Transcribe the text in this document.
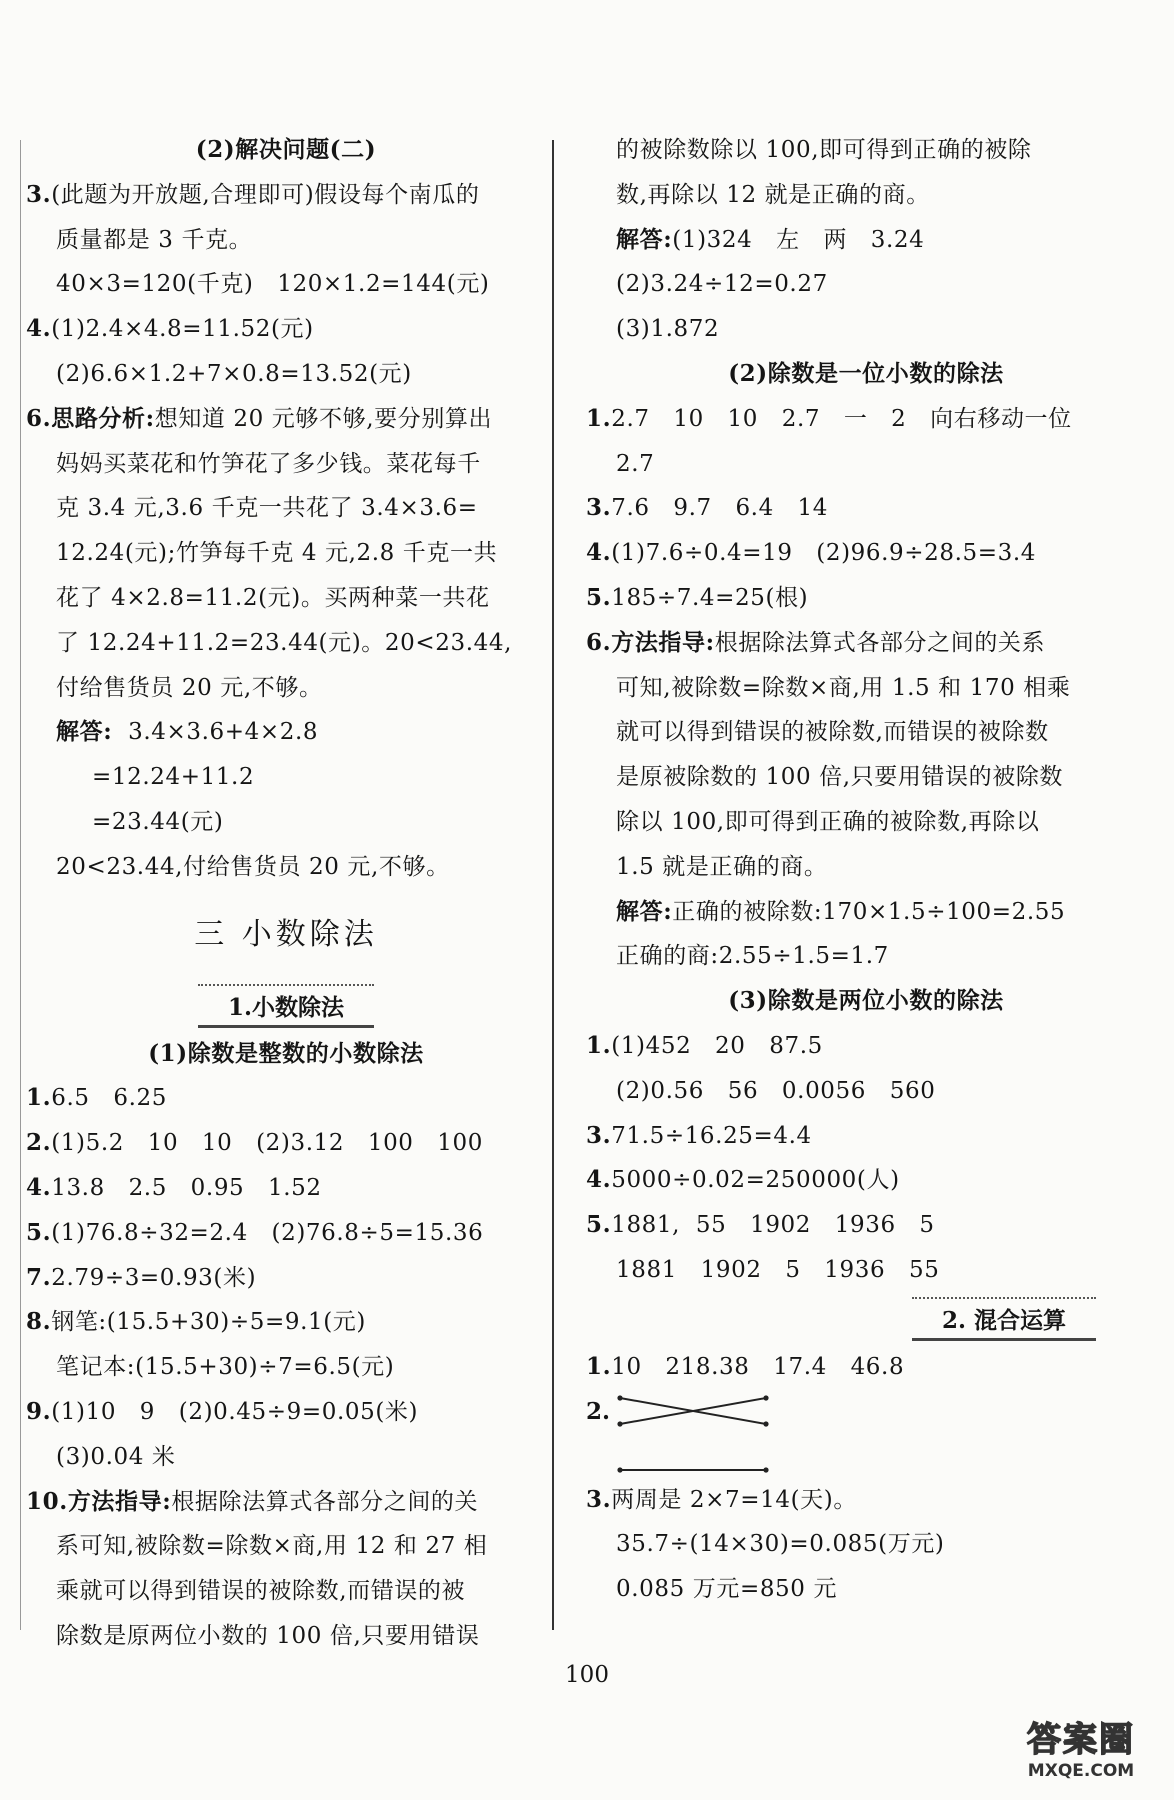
(2)解决问题(二)
3.(此题为开放题,合理即可)假设每个南瓜的
质量都是 3 千克。
40×3=120(千克)   120×1.2=144(元)
4.(1)2.4×4.8=11.52(元)
(2)6.6×1.2+7×0.8=13.52(元)
6.思路分析:想知道 20 元够不够,要分别算出
妈妈买菜花和竹笋花了多少钱。菜花每千
克 3.4 元,3.6 千克一共花了 3.4×3.6=
12.24(元);竹笋每千克 4 元,2.8 千克一共
花了 4×2.8=11.2(元)。买两种菜一共花
了 12.24+11.2=23.44(元)。20<23.44,
付给售货员 20 元,不够。
解答:  3.4×3.6+4×2.8
=12.24+11.2
=23.44(元)
20<23.44,付给售货员 20 元,不够。
三 小数除法
1.小数除法
(1)除数是整数的小数除法
1.6.5   6.25
2.(1)5.2   10   10   (2)3.12   100   100
4.13.8   2.5   0.95   1.52
5.(1)76.8÷32=2.4   (2)76.8÷5=15.36
7.2.79÷3=0.93(米)
8.钢笔:(15.5+30)÷5=9.1(元)
笔记本:(15.5+30)÷7=6.5(元)
9.(1)10   9   (2)0.45÷9=0.05(米)
(3)0.04 米
10.方法指导:根据除法算式各部分之间的关
系可知,被除数=除数×商,用 12 和 27 相
乘就可以得到错误的被除数,而错误的被
除数是原两位小数的 100 倍,只要用错误
的被除数除以 100,即可得到正确的被除
数,再除以 12 就是正确的商。
解答:(1)324   左   两   3.24
(2)3.24÷12=0.27
(3)1.872
(2)除数是一位小数的除法
1.2.7   10   10   2.7   一   2   向右移动一位
2.7
3.7.6   9.7   6.4   14
4.(1)7.6÷0.4=19   (2)96.9÷28.5=3.4
5.185÷7.4=25(根)
6.方法指导:根据除法算式各部分之间的关系
可知,被除数=除数×商,用 1.5 和 170 相乘
就可以得到错误的被除数,而错误的被除数
是原被除数的 100 倍,只要用错误的被除数
除以 100,即可得到正确的被除数,再除以
1.5 就是正确的商。
解答:正确的被除数:170×1.5÷100=2.55
正确的商:2.55÷1.5=1.7
(3)除数是两位小数的除法
1.(1)452   20   87.5
(2)0.56   56   0.0056   560
3.71.5÷16.25=4.4
4.5000÷0.02=250000(人)
5.1881,  55   1902   1936   5
1881   1902   5   1936   55
2. 混合运算
1.10   218.38   17.4   46.8
2.
3.两周是 2×7=14(天)。
35.7÷(14×30)=0.085(万元)
0.085 万元=850 元
100
答案圈
MXQE.COM
